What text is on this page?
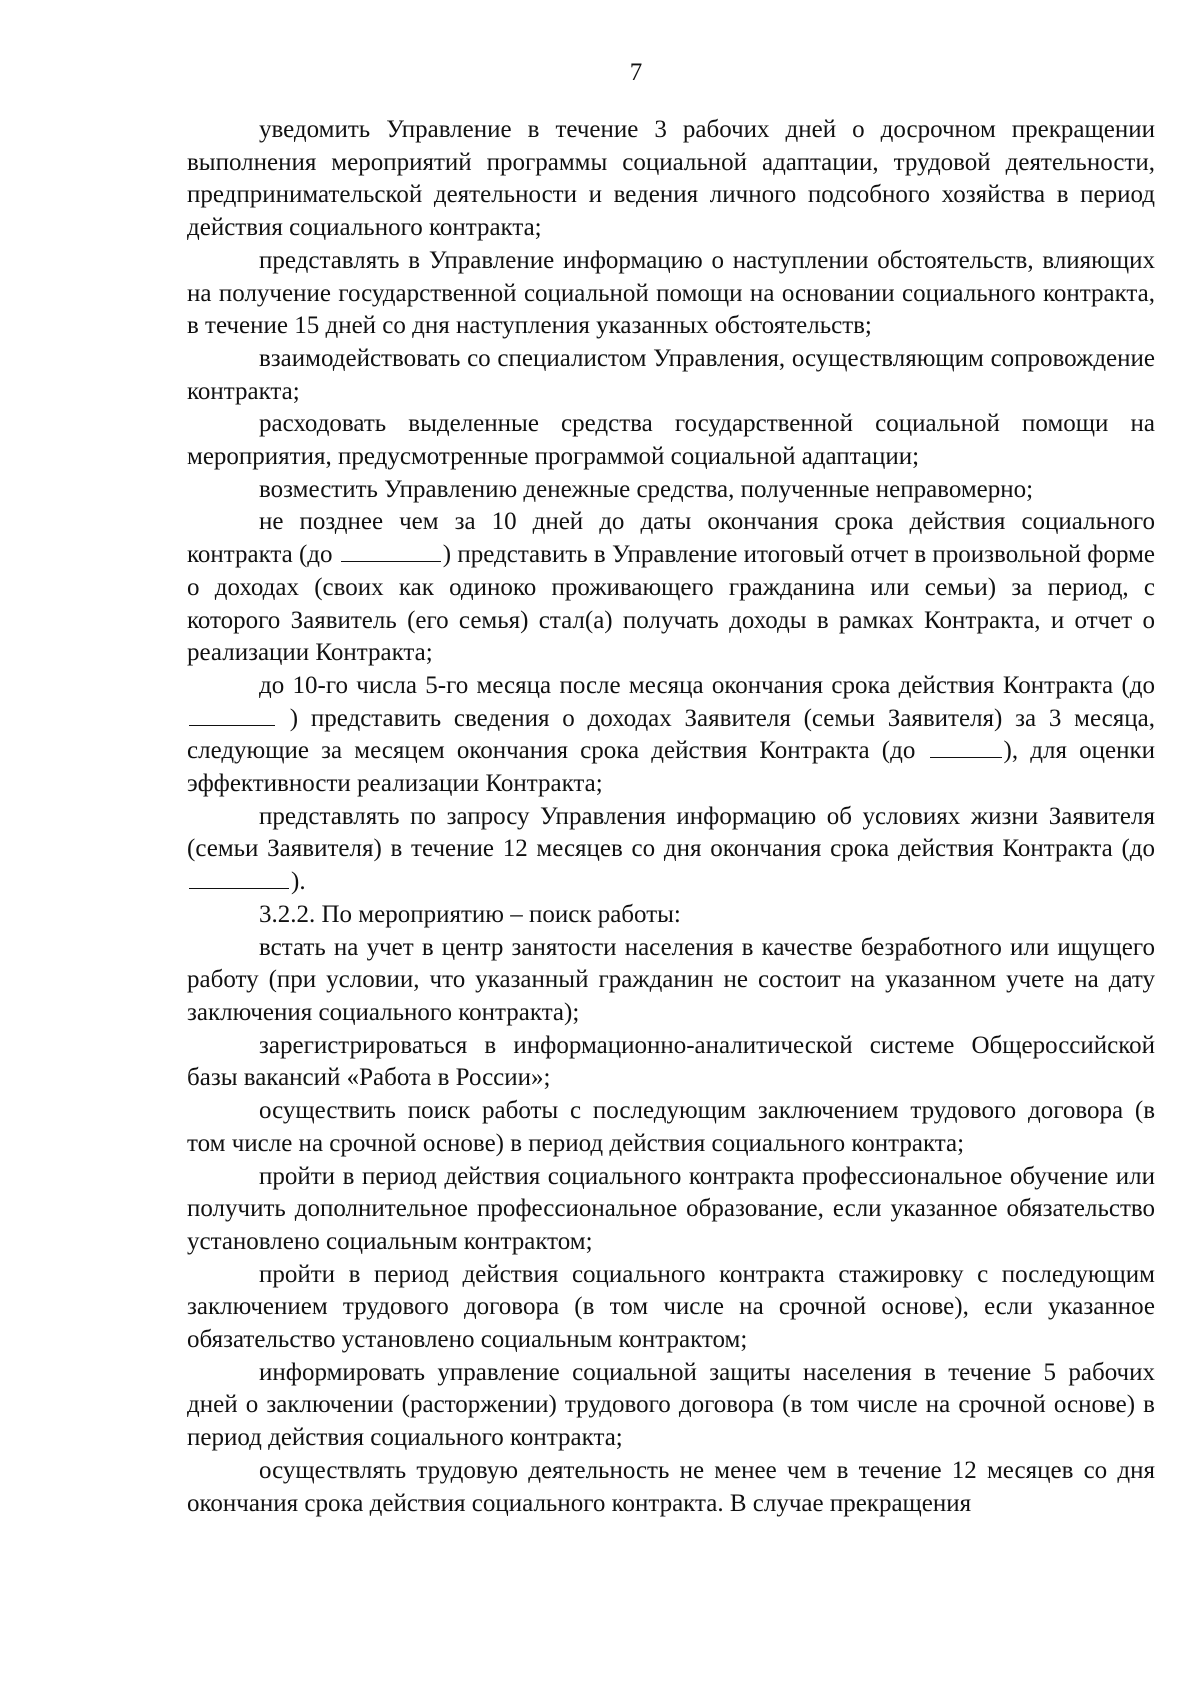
7

уведомить Управление в течение 3 рабочих дней о досрочном прекращении выполнения мероприятий программы социальной адаптации, трудовой деятельности, предпринимательской деятельности и ведения личного подсобного хозяйства в период действия социального контракта;

представлять в Управление информацию о наступлении обстоятельств, влияющих на получение государственной социальной помощи на основании социального контракта, в течение 15 дней со дня наступления указанных обстоятельств;

взаимодействовать со специалистом Управления, осуществляющим сопровождение контракта;

расходовать выделенные средства государственной социальной помощи на мероприятия, предусмотренные программой социальной адаптации;

возместить Управлению денежные средства, полученные неправомерно;

не позднее чем за 10 дней до даты окончания срока действия социального контракта (до	) представить в Управление итоговый отчет в произвольной форме о доходах (своих как одиноко проживающего гражданина или семьи) за период, с которого Заявитель (его семья) стал(а) получать доходы в рамках Контракта, и отчет о реализации Контракта;

до 10-го числа 5-го месяца после месяца окончания срока действия Контракта (до  ) представить сведения о доходах Заявителя (семьи Заявителя) за 3 месяца, следующие за месяцем окончания срока действия Контракта (до	), для оценки эффективности реализации Контракта;

представлять по запросу Управления информацию об условиях жизни Заявителя (семьи Заявителя) в течение 12 месяцев со дня окончания срока действия Контракта (до ).

3.2.2. По мероприятию – поиск работы:

встать на учет в центр занятости населения в качестве безработного или ищущего работу (при условии, что указанный гражданин не состоит на указанном учете на дату заключения социального контракта);

зарегистрироваться в информационно-аналитической системе Общероссийской базы вакансий «Работа в России»;

осуществить поиск работы с последующим заключением трудового договора (в том числе на срочной основе) в период действия социального контракта;

пройти в период действия социального контракта профессиональное обучение или получить дополнительное профессиональное образование, если указанное обязательство установлено социальным контрактом;

пройти в период действия социального контракта стажировку с последующим заключением трудового договора (в том числе на срочной основе), если указанное обязательство установлено социальным контрактом;

информировать управление социальной защиты населения в течение 5 рабочих дней о заключении (расторжении) трудового договора (в том числе на срочной основе) в период действия социального контракта;

осуществлять трудовую деятельность не менее чем в течение 12 месяцев со дня окончания срока действия социального контракта. В случае прекращения
